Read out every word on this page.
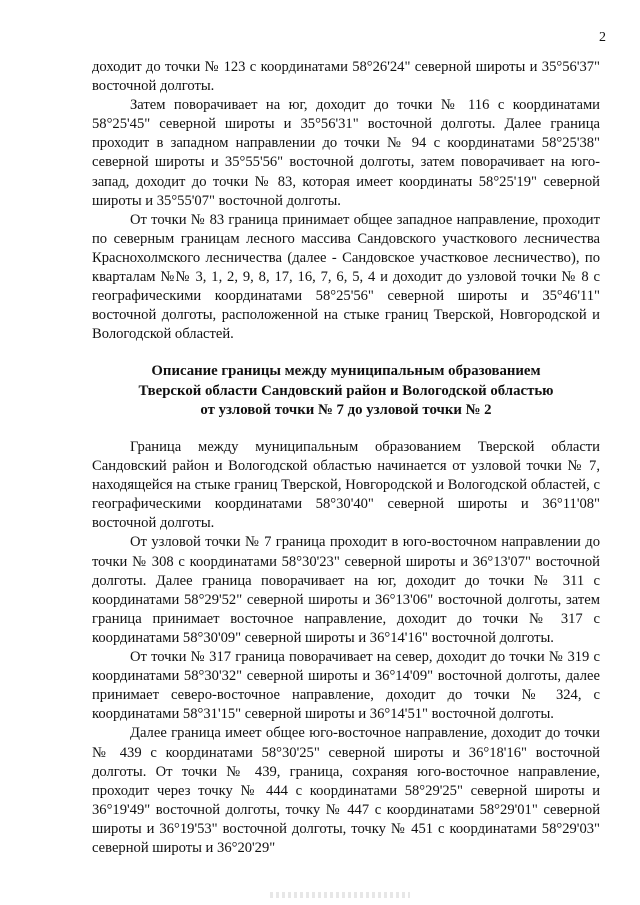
2

доходит до точки № 123 с координатами 58°26'24" северной широты и 35°56'37" восточной долготы.

Затем поворачивает на юг, доходит до точки № 116 с координатами 58°25'45" северной широты и 35°56'31" восточной долготы. Далее граница проходит в западном направлении до точки № 94 с координатами 58°25'38" северной широты и 35°55'56" восточной долготы, затем поворачивает на юго-запад, доходит до точки № 83, которая имеет координаты 58°25'19" северной широты и 35°55'07" восточной долготы.

От точки № 83 граница принимает общее западное направление, проходит по северным границам лесного массива Сандовского участкового лесничества Краснохолмского лесничества (далее - Сандовское участковое лесничество), по кварталам №№ 3, 1, 2, 9, 8, 17, 16, 7, 6, 5, 4 и доходит до узловой точки № 8 с географическими координатами 58°25'56" северной широты и 35°46'11" восточной долготы, расположенной на стыке границ Тверской, Новгородской и Вологодской областей.

Описание границы между муниципальным образованием
Тверской области Сандовский район и Вологодской областью
от узловой точки № 7 до узловой точки № 2

Граница между муниципальным образованием Тверской области Сандовский район и Вологодской областью начинается от узловой точки № 7, находящейся на стыке границ Тверской, Новгородской и Вологодской областей, с географическими координатами 58°30'40" северной широты и 36°11'08" восточной долготы.

От узловой точки № 7 граница проходит в юго-восточном направлении до точки № 308 с координатами 58°30'23" северной широты и 36°13'07" восточной долготы. Далее граница поворачивает на юг, доходит до точки № 311 с координатами 58°29'52" северной широты и 36°13'06" восточной долготы, затем граница принимает восточное направление, доходит до точки № 317 с координатами 58°30'09" северной широты и 36°14'16" восточной долготы.

От точки № 317 граница поворачивает на север, доходит до точки № 319 с координатами 58°30'32" северной широты и 36°14'09" восточной долготы, далее принимает северо-восточное направление, доходит до точки № 324, с координатами 58°31'15" северной широты и 36°14'51" восточной долготы.

Далее граница имеет общее юго-восточное направление, доходит до точки № 439 с координатами 58°30'25" северной широты и 36°18'16" восточной долготы. От точки № 439, граница, сохраняя юго-восточное направление, проходит через точку № 444 с координатами 58°29'25" северной широты и 36°19'49" восточной долготы, точку № 447 с координатами 58°29'01" северной широты и 36°19'53" восточной долготы, точку № 451 с координатами 58°29'03" северной широты и 36°20'29"
